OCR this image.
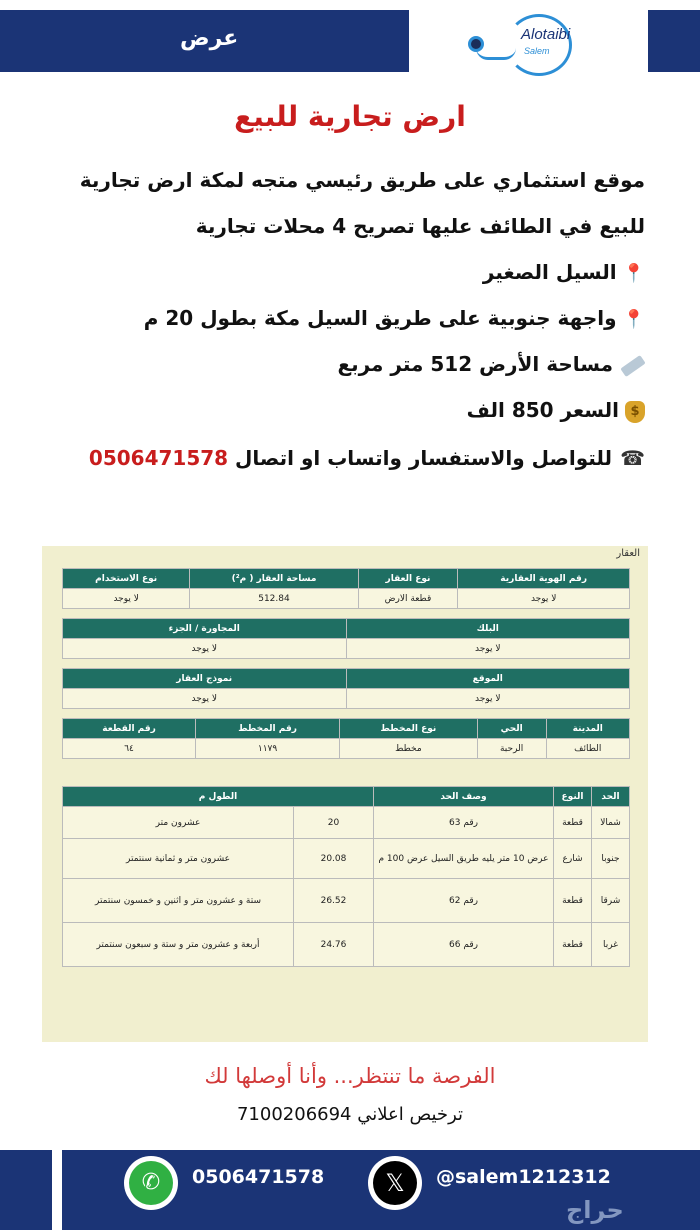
عرض	Alotaibi
Salem
ارض تجارية للبيع
موقع استثماري على طريق رئيسي متجه لمكة ارض تجارية
للبيع في الطائف عليها تصريح 4 محلات تجارية
📍السيل الصغير
📍واجهة جنوبية على طريق السيل مكة بطول 20 م
مساحة الأرض 512 متر مربع
$السعر 850 الف
☎للتواصل والاستفسار واتساب او اتصال 0506471578
العقار
رقم الهوية العقارية	نوع العقار	مساحة العقار ( م²)	نوع الاستخدام
لا يوجد	قطعة الارض	512.84	لا يوجد
البلك	المجاورة / الجزء
لا يوجد	لا يوجد
الموقع	نموذج العقار
لا يوجد	لا يوجد
المدينة	الحي	نوع المخطط	رقم المخطط	رقم القطعة
الطائف	الرحبة	مخطط	١١٧٩	٦٤
الحد	النوع	وصف الحد	الطول م	
شمالا	قطعة	رقم 63	20	عشرون متر
جنوبا	شارع	عرض 10 متر يليه طريق السيل عرض 100 م	20.08	عشرون متر و ثمانية سنتمتر
شرقا	قطعة	رقم 62	26.52	ستة و عشرون متر و اثنين و خمسون سنتمتر
غربا	قطعة	رقم 66	24.76	أربعة و عشرون متر و ستة و سبعون سنتمتر
الفرصة ما تنتظر... وأنا أوصلها لك
ترخيص اعلاني 7100206694
✆	0506471578	𝕏	@salem1212312
حراج
